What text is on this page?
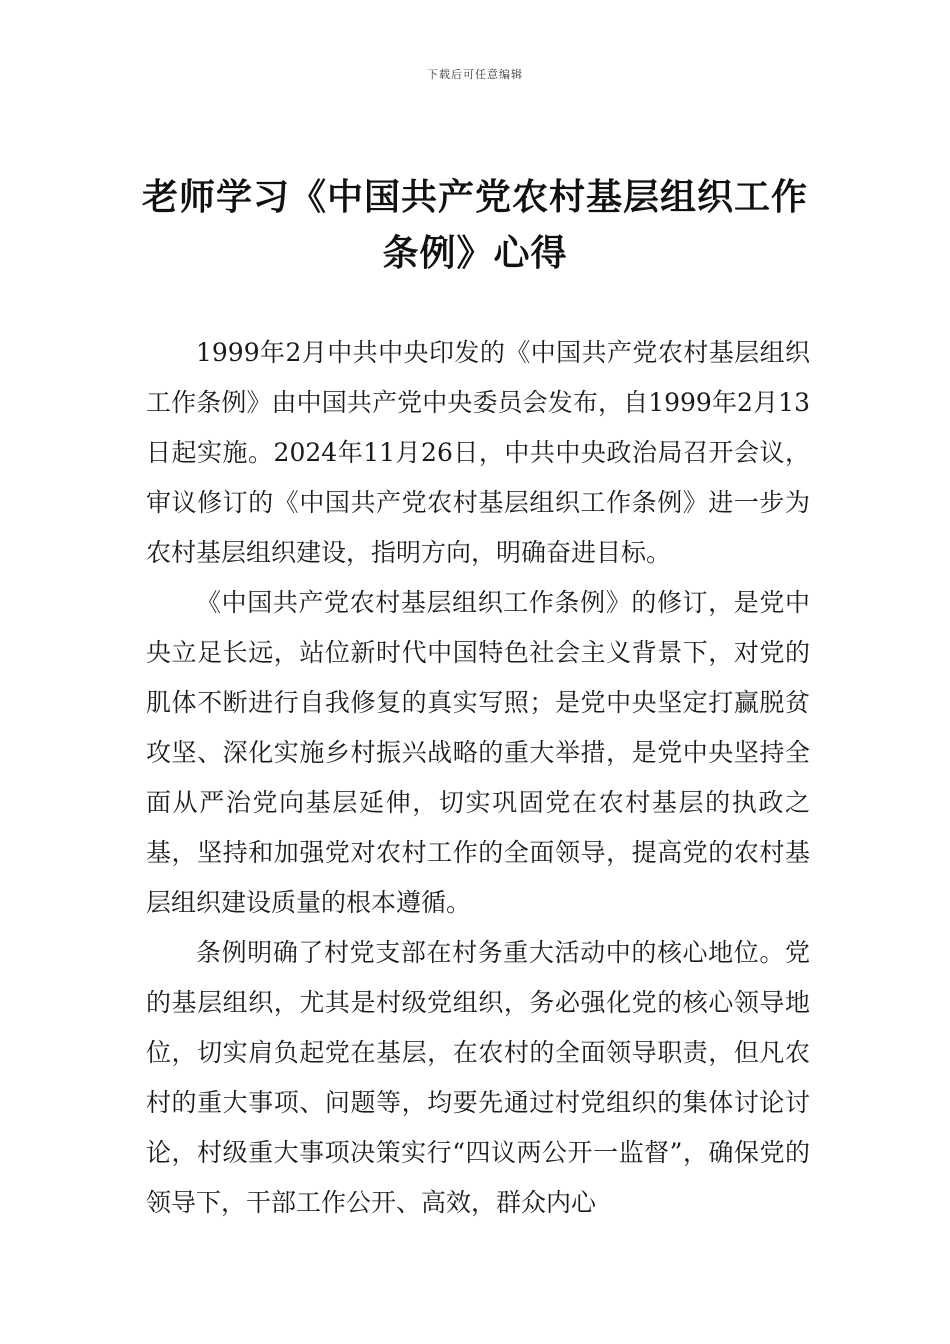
下载后可任意编辑
老师学习《中国共产党农村基层组织工作条例》心得

1999年2月中共中央印发的《中国共产党农村基层组织工作条例》由中国共产党中央委员会发布，自1999年2月13日起实施。2024年11月26日，中共中央政治局召开会议，审议修订的《中国共产党农村基层组织工作条例》进一步为农村基层组织建设，指明方向，明确奋进目标。

《中国共产党农村基层组织工作条例》的修订，是党中央立足长远，站位新时代中国特色社会主义背景下，对党的肌体不断进行自我修复的真实写照；是党中央坚定打赢脱贫攻坚、深化实施乡村振兴战略的重大举措，是党中央坚持全面从严治党向基层延伸，切实巩固党在农村基层的执政之基，坚持和加强党对农村工作的全面领导，提高党的农村基层组织建设质量的根本遵循。

条例明确了村党支部在村务重大活动中的核心地位。党的基层组织，尤其是村级党组织，务必强化党的核心领导地位，切实肩负起党在基层，在农村的全面领导职责，但凡农村的重大事项、问题等，均要先通过村党组织的集体讨论讨论，村级重大事项决策实行“四议两公开一监督”，确保党的领导下，干部工作公开、高效，群众内心
